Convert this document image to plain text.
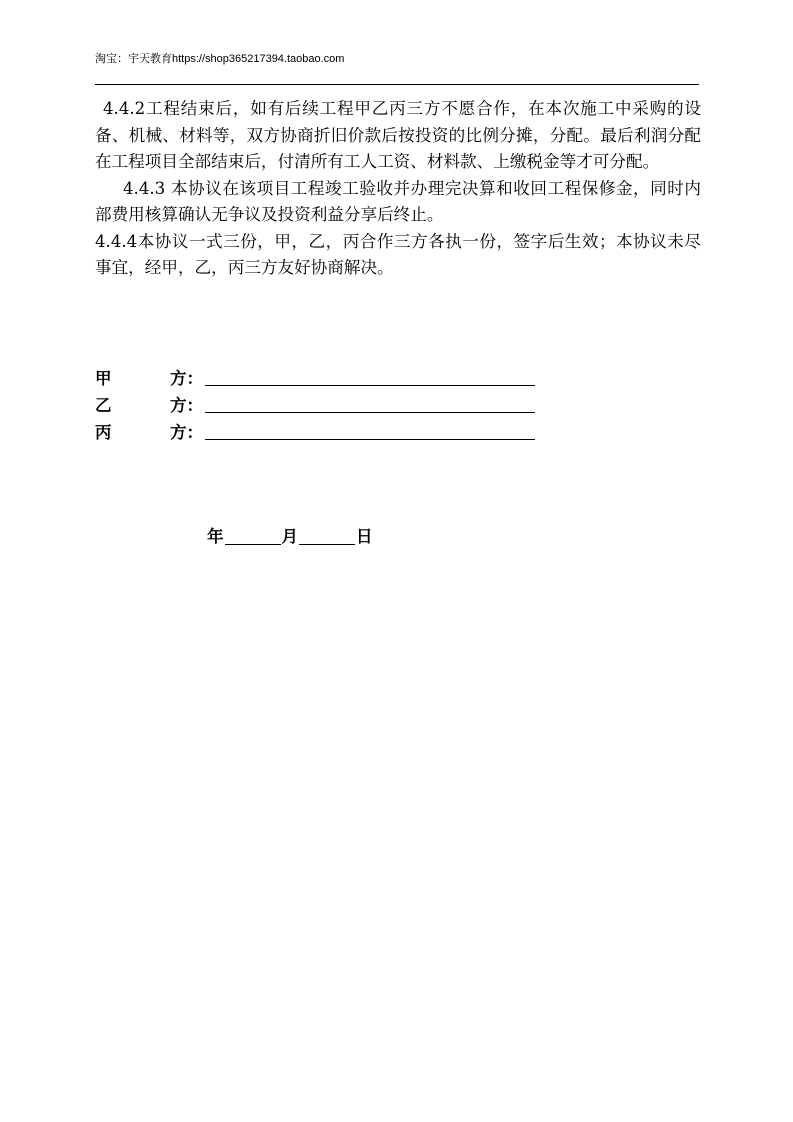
淘宝：宇天教育https://shop365217394.taobao.com

4.4.2工程结束后，如有后续工程甲乙丙三方不愿合作，在本次施工中采购的设备、机械、材料等，双方协商折旧价款后按投资的比例分摊，分配。最后利润分配在工程项目全部结束后，付清所有工人工资、材料款、上缴税金等才可分配。

4.4.3 本协议在该项目工程竣工验收并办理完决算和收回工程保修金，同时内部费用核算确认无争议及投资利益分享后终止。

4.4.4本协议一式三份，甲，乙，丙合作三方各执一份，签字后生效；本协议未尽事宜，经甲，乙，丙三方友好协商解决。

甲	方：
乙	方：
丙	方：
年	月	日
